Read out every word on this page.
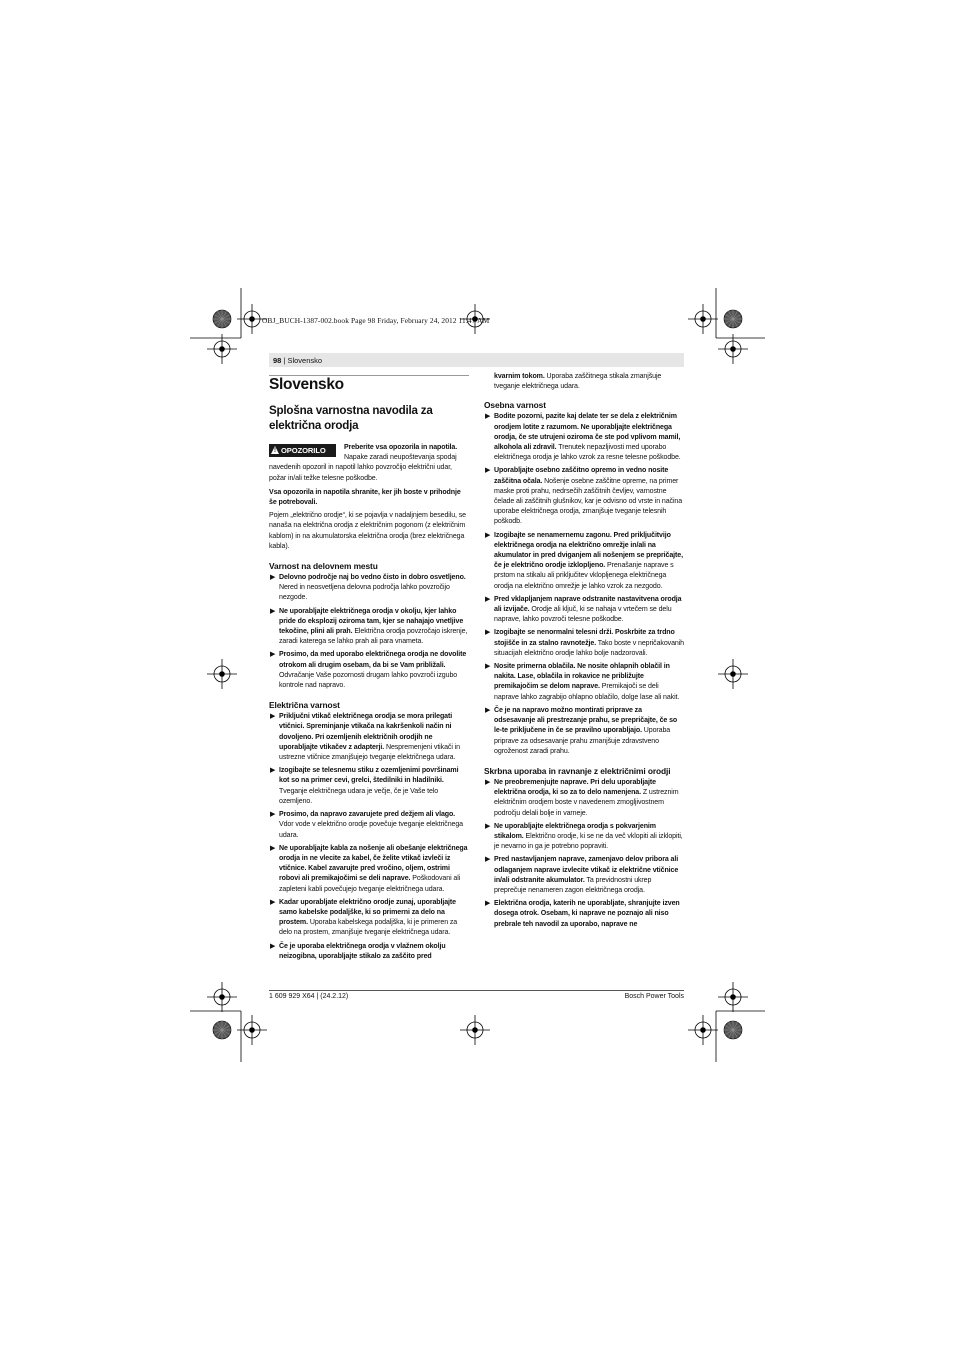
OBJ_BUCH-1387-002.book Page 98 Friday, February 24, 2012 11:47 AM
98 | Slovensko
Slovensko
Splošna varnostna navodila za električna orodja
! OPOZORILO	Preberite vsa opozorila in napotila. Napake zaradi neupoštevanja spodaj navedenih opozoril in napotil lahko povzročijo električni udar, požar in/ali težke telesne poškodbe.

Vsa opozorila in napotila shranite, ker jih boste v prihodnje še potrebovali.

Pojem „električno orodje“, ki se pojavlja v nadaljnjem besedilu, se nanaša na električna orodja z električnim pogonom (z električnim kablom) in na akumulatorska električna orodja (brez električnega kabla).

Varnost na delovnem mestu
▶ Delovno področje naj bo vedno čisto in dobro osvetljeno. Nered in neosvetljena delovna področja lahko povzročijo nezgode.
▶ Ne uporabljajte električnega orodja v okolju, kjer lahko pride do eksplozij oziroma tam, kjer se nahajajo vnetljive tekočine, plini ali prah. Električna orodja povzročajo iskrenje, zaradi katerega se lahko prah ali para vnameta.
▶ Prosimo, da med uporabo električnega orodja ne dovolite otrokom ali drugim osebam, da bi se Vam približali. Odvračanje Vaše pozornosti drugam lahko povzroči izgubo kontrole nad napravo.
Električna varnost
▶ Priključni vtikač električnega orodja se mora prilegati vtičnici. Spreminjanje vtikača na kakršenkoli način ni dovoljeno. Pri ozemljenih električnih orodjih ne uporabljajte vtikačev z adapterji. Nespremenjeni vtikači in ustrezne vtičnice zmanjšujejo tveganje električnega udara.
▶ Izogibajte se telesnemu stiku z ozemljenimi površinami kot so na primer cevi, grelci, štedilniki in hladilniki. Tveganje električnega udara je večje, če je Vaše telo ozemljeno.
▶ Prosimo, da napravo zavarujete pred dežjem ali vlago. Vdor vode v električno orodje povečuje tveganje električnega udara.
▶ Ne uporabljajte kabla za nošenje ali obešanje električnega orodja in ne vlecite za kabel, če želite vtikač izvleči iz vtičnice. Kabel zavarujte pred vročino, oljem, ostrimi robovi ali premikajočimi se deli naprave. Poškodovani ali zapleteni kabli povečujejo tveganje električnega udara.
▶ Kadar uporabljate električno orodje zunaj, uporabljajte samo kabelske podaljške, ki so primerni za delo na prostem. Uporaba kabelskega podaljška, ki je primeren za delo na prostem, zmanjšuje tveganje električnega udara.
▶ Če je uporaba električnega orodja v vlažnem okolju neizogibna, uporabljajte stikalo za zaščito pred

kvarnim tokom. Uporaba zaščitnega stikala zmanjšuje tveganje električnega udara.

Osebna varnost
▶ Bodite pozorni, pazite kaj delate ter se dela z električnim orodjem lotite z razumom. Ne uporabljajte električnega orodja, če ste utrujeni oziroma če ste pod vplivom mamil, alkohola ali zdravil. Trenutek nepazljivosti med uporabo električnega orodja je lahko vzrok za resne telesne poškodbe.
▶ Uporabljajte osebno zaščitno opremo in vedno nosite zaščitna očala. Nošenje osebne zaščitne opreme, na primer maske proti prahu, nedrsečih zaščitnih čevljev, varnostne čelade ali zaščitnih glušnikov, kar je odvisno od vrste in načina uporabe električnega orodja, zmanjšuje tveganje telesnih poškodb.
▶ Izogibajte se nenamernemu zagonu. Pred priključitvijo električnega orodja na električno omrežje in/ali na akumulator in pred dviganjem ali nošenjem se prepričajte, če je električno orodje izklopljeno. Prenašanje naprave s prstom na stikalu ali priključitev vklopljenega električnega orodja na električno omrežje je lahko vzrok za nezgodo.
▶ Pred vklapljanjem naprave odstranite nastavitvena orodja ali izvijače. Orodje ali ključ, ki se nahaja v vrtečem se delu naprave, lahko povzroči telesne poškodbe.
▶ Izogibajte se nenormalni telesni drži. Poskrbite za trdno stojišče in za stalno ravnotežje. Tako boste v nepričakovanih situacijah električno orodje lahko bolje nadzorovali.
▶ Nosite primerna oblačila. Ne nosite ohlapnih oblačil in nakita. Lase, oblačila in rokavice ne približujte premikajočim se delom naprave. Premikajoči se deli naprave lahko zagrabijo ohlapno oblačilo, dolge lase ali nakit.
▶ Če je na napravo možno montirati priprave za odsesavanje ali prestrezanje prahu, se prepričajte, če so le-te priključene in če se pravilno uporabljajo. Uporaba priprave za odsesavanje prahu zmanjšuje zdravstveno ogroženost zaradi prahu.
Skrbna uporaba in ravnanje z električnimi orodji
▶ Ne preobremenjujte naprave. Pri delu uporabljajte električna orodja, ki so za to delo namenjena. Z ustreznim električnim orodjem boste v navedenem zmogljivostnem področju delali bolje in varneje.
▶ Ne uporabljajte električnega orodja s pokvarjenim stikalom. Električno orodje, ki se ne da več vklopiti ali izklopiti, je nevarno in ga je potrebno popraviti.
▶ Pred nastavljanjem naprave, zamenjavo delov pribora ali odlaganjem naprave izvlecite vtikač iz električne vtičnice in/ali odstranite akumulator. Ta previdnostni ukrep preprečuje nenameren zagon električnega orodja.
▶ Električna orodja, katerih ne uporabljate, shranjujte izven dosega otrok. Osebam, ki naprave ne poznajo ali niso prebrale teh navodil za uporabo, naprave ne
1 609 929 X64 | (24.2.12)	Bosch Power Tools
